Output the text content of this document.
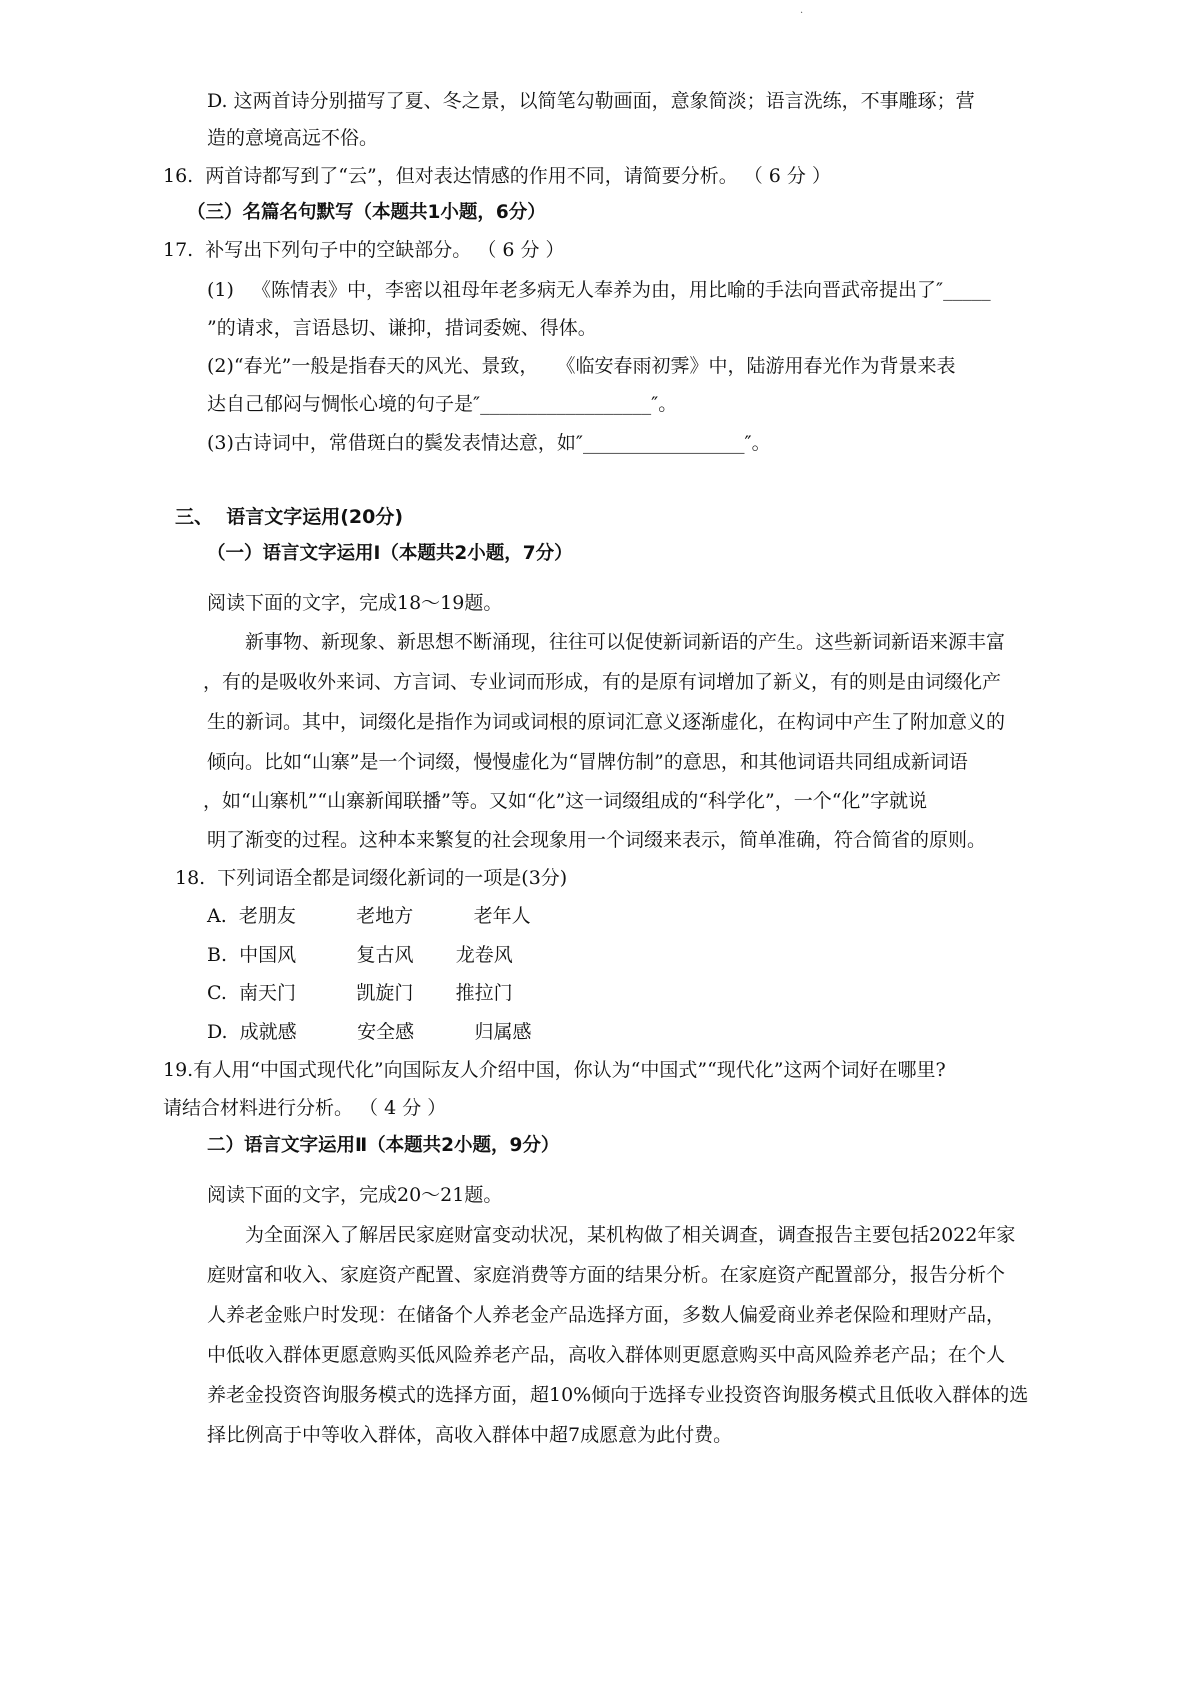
·
D. 这两首诗分别描写了夏、冬之景，以简笔勾勒画面，意象简淡；语言洗练，不事雕琢；营
造的意境高远不俗。
16.  两首诗都写到了“云”，但对表达情感的作用不同，请简要分析。 （ 6 分 ）
（三）名篇名句默写（本题共1小题，6分）
17.  补写出下列句子中的空缺部分。 （ 6 分 ）
(1)   《陈情表》中，李密以祖母年老多病无人奉养为由，用比喻的手法向晋武帝提出了″_____
”的请求，言语恳切、谦抑，措词委婉、得体。
(2)“春光”一般是指春天的风光、景致，   《临安春雨初霁》中，陆游用春光作为背景来表
达自己郁闷与惆怅心境的句子是″__________________″。
(3)古诗词中，常借斑白的鬓发表情达意，如″_________________″。
三、  语言文字运用(20分)
（一）语言文字运用Ⅰ（本题共2小题，7分）
阅读下面的文字，完成18～19题。
新事物、新现象、新思想不断涌现，往往可以促使新词新语的产生。这些新词新语来源丰富
，有的是吸收外来词、方言词、专业词而形成，有的是原有词增加了新义，有的则是由词缀化产
生的新词。其中，词缀化是指作为词或词根的原词汇意义逐渐虚化，在构词中产生了附加意义的
倾向。比如“山寨”是一个词缀，慢慢虚化为“冒牌仿制”的意思，和其他词语共同组成新词语
，如“山寨机”“山寨新闻联播”等。又如“化”这一词缀组成的“科学化”，一个“化”字就说
明了渐变的过程。这种本来繁复的社会现象用一个词缀来表示，简单准确，符合简省的原则。
18.  下列词语全都是词缀化新词的一项是(3分)
A.  老朋友          老地方          老年人
B.  中国风          复古风       龙卷风
C.  南天门          凯旋门       推拉门
D.  成就感          安全感          归属感
19.有人用“中国式现代化”向国际友人介绍中国，你认为“中国式”“现代化”这两个词好在哪里?
请结合材料进行分析。 （ 4 分 ）
二）语言文字运用Ⅱ（本题共2小题，9分）
阅读下面的文字，完成20～21题。
为全面深入了解居民家庭财富变动状况，某机构做了相关调查，调查报告主要包括2022年家
庭财富和收入、家庭资产配置、家庭消费等方面的结果分析。在家庭资产配置部分，报告分析个
人养老金账户时发现：在储备个人养老金产品选择方面，多数人偏爱商业养老保险和理财产品，
中低收入群体更愿意购买低风险养老产品，高收入群体则更愿意购买中高风险养老产品；在个人
养老金投资咨询服务模式的选择方面，超10%倾向于选择专业投资咨询服务模式且低收入群体的选
择比例高于中等收入群体，高收入群体中超7成愿意为此付费。
